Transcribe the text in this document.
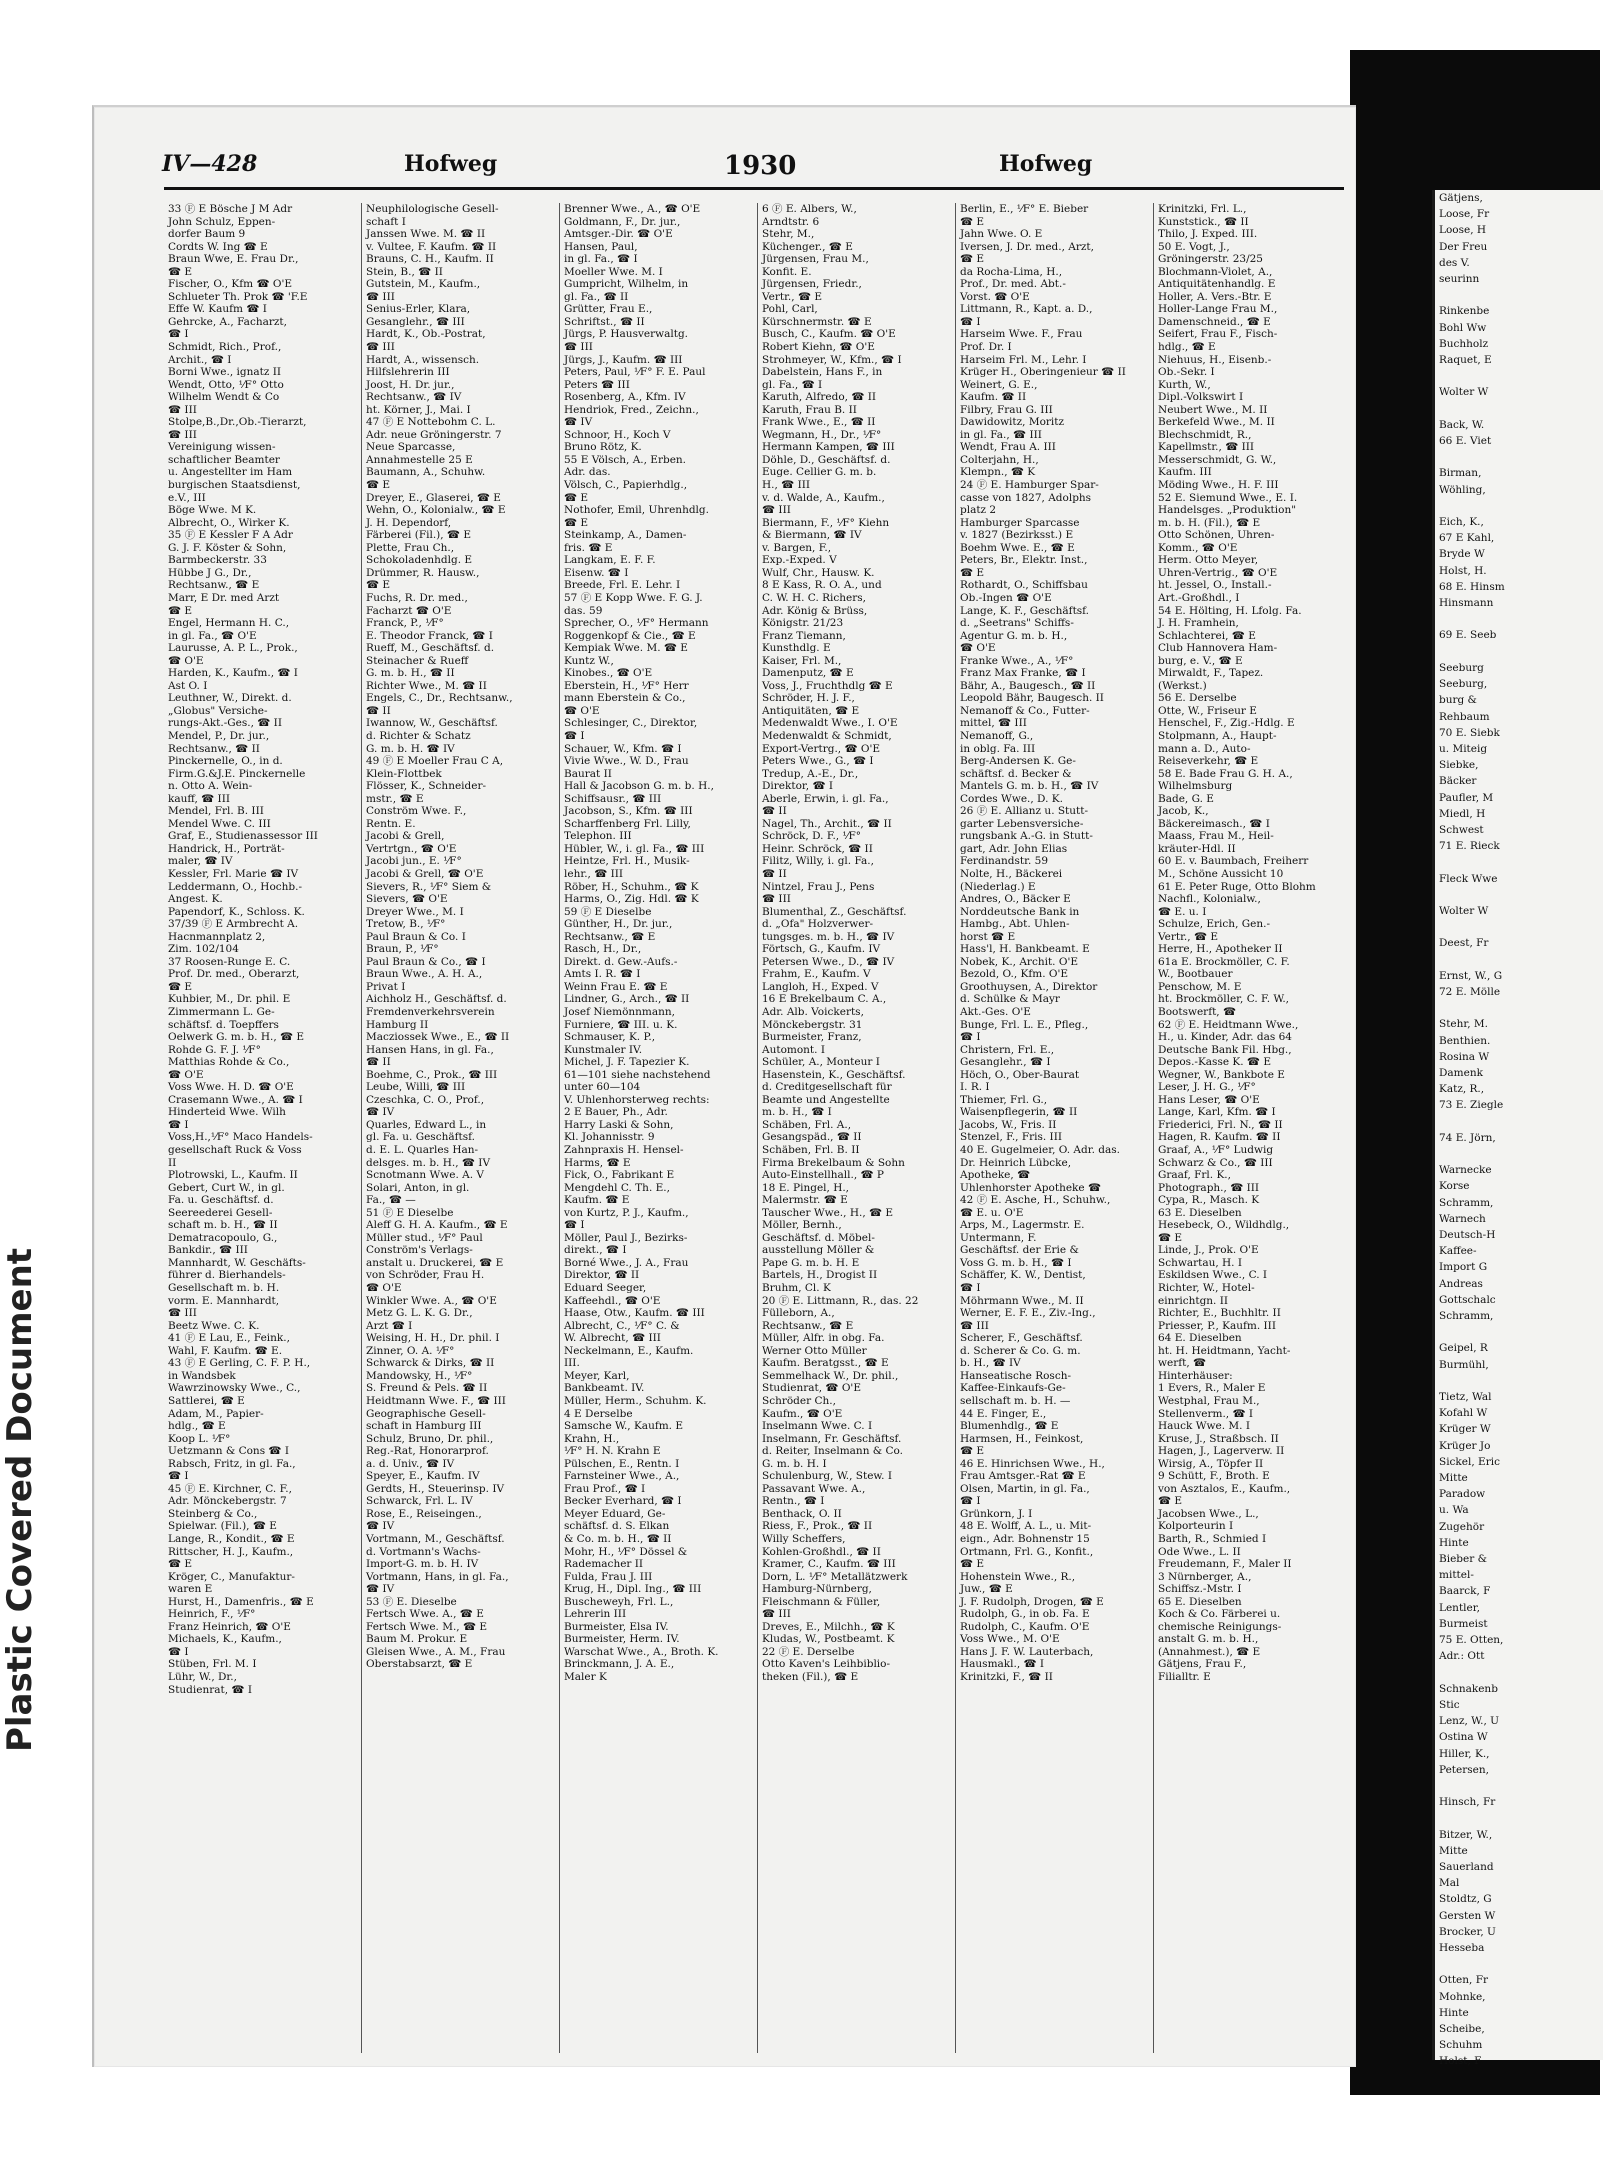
Plastic Covered Document
IV—428	Hofweg	1930	Hofweg
33 Ⓕ E Bösche J M Adr
John Schulz, Eppen-
dorfer Baum 9
Cordts W. Ing ☎ E
Braun Wwe, E. Frau Dr.,
☎ E
Fischer, O., Kfm ☎ O'E
Schlueter Th. Prok ☎ 'F.E
Effe W. Kaufm ☎ I
Gehrcke, A., Facharzt,
☎ I
Schmidt, Rich., Prof.,
Archit., ☎ I
Borni Wwe., ignatz II
Wendt, Otto, ⅟F° Otto
Wilhelm Wendt & Co
☎ III
Stolpe,B.,Dr.,Ob.-Tierarzt,
☎ III
Vereinigung wissen-
schaftlicher Beamter
u. Angestellter im Ham
burgischen Staatsdienst,
e.V., III
Böge Wwe. M K.
Albrecht, O., Wirker K.
35 Ⓕ E Kessler F A Adr
G. J. F. Köster & Sohn,
Barmbeckerstr. 33
Hübbe J G., Dr.,
Rechtsanw., ☎ E
Marr, E Dr. med Arzt
☎ E
Engel, Hermann H. C.,
in gl. Fa., ☎ O'E
Laurusse, A. P. L., Prok.,
☎ O'E
Harden, K., Kaufm., ☎ I
Ast O. I
Leuthner, W., Direkt. d.
„Globus" Versiche-
rungs-Akt.-Ges., ☎ II
Mendel, P., Dr. jur.,
Rechtsanw., ☎ II
Pinckernelle, O., in d.
Firm.G.&J.E. Pinckernelle
n. Otto A. Wein-
kauff, ☎ III
Mendel, Frl. B. III
Mendel Wwe. C. III
Graf, E., Studienassessor III
Handrick, H., Porträt-
maler, ☎ IV
Kessler, Frl. Marie ☎ IV
Leddermann, O., Hochb.-
Angest. K.
Papendorf, K., Schloss. K.
37/39 Ⓕ E Armbrecht A.
Hacnmannplatz 2,
Zim. 102/104
37 Roosen-Runge E. C.
Prof. Dr. med., Oberarzt,
☎ E
Kuhbier, M., Dr. phil. E
Zimmermann L. Ge-
schäftsf. d. Toepffers
Oelwerk G. m. b. H., ☎ E
Rohde G. F. J. ⅟F°
Matthias Rohde & Co.,
☎ O'E
Voss Wwe. H. D. ☎ O'E
Crasemann Wwe., A. ☎ I
Hinderteid Wwe. Wilh
☎ I
Voss,H.,⅟F° Maco Handels-
gesellschaft Ruck & Voss
II
Plotrowski, L., Kaufm. II
Gebert, Curt W., in gl.
Fa. u. Geschäftsf. d.
Seereederei Gesell-
schaft m. b. H., ☎ II
Dematracopoulo, G.,
Bankdir., ☎ III
Mannhardt, W. Geschäfts-
führer d. Bierhandels-
Gesellschaft m. b. H.
vorm. E. Mannhardt,
☎ III
Beetz Wwe. C. K.
41 Ⓕ E Lau, E., Feink.,
Wahl, F. Kaufm. ☎ E.
43 Ⓕ E Gerling, C. F. P. H.,
in Wandsbek
Wawrzinowsky Wwe., C.,
Sattlerei, ☎ E
Adam, M., Papier-
hdlg., ☎ E
Koop L. ⅟F°
Uetzmann & Cons ☎ I
Rabsch, Fritz, in gl. Fa.,
☎ I
45 Ⓕ E. Kirchner, C. F.,
Adr. Mönckebergstr. 7
Steinberg & Co.,
Spielwar. (Fil.), ☎ E
Lange, R., Kondit., ☎ E
Rittscher, H. J., Kaufm.,
☎ E
Kröger, C., Manufaktur-
waren E
Hurst, H., Damenfris., ☎ E
Heinrich, F., ⅟F°
Franz Heinrich, ☎ O'E
Michaels, K., Kaufm.,
☎ I
Stüben, Frl. M. I
Lühr, W., Dr.,
Studienrat, ☎ I
Neuphilologische Gesell-
schaft I
Janssen Wwe. M. ☎ II
v. Vultee, F. Kaufm. ☎ II
Brauns, C. H., Kaufm. II
Stein, B., ☎ II
Gutstein, M., Kaufm.,
☎ III
Senius-Erler, Klara,
Gesanglehr., ☎ III
Hardt, K., Ob.-Postrat,
☎ III
Hardt, A., wissensch.
Hilfslehrerin III
Joost, H. Dr. jur.,
Rechtsanw., ☎ IV
ht. Körner, J., Mai. I
47 Ⓕ E Nottebohm C. L.
Adr. neue Gröningerstr. 7
Neue Sparcasse,
Annahmestelle 25 E
Baumann, A., Schuhw.
☎ E
Dreyer, E., Glaserei, ☎ E
Wehn, O., Kolonialw., ☎ E
J. H. Dependorf,
Färberei (Fil.), ☎ E
Plette, Frau Ch.,
Schokoladenhdlg. E
Drümmer, R. Hausw.,
☎ E
Fuchs, R. Dr. med.,
Facharzt ☎ O'E
Franck, P., ⅟F°
E. Theodor Franck, ☎ I
Rueff, M., Geschäftsf. d.
Steinacher & Rueff
G. m. b. H., ☎ II
Richter Wwe., M. ☎ II
Engels, C., Dr., Rechtsanw.,
☎ II
Iwannow, W., Geschäftsf.
d. Richter & Schatz
G. m. b. H. ☎ IV
49 Ⓕ E Moeller Frau C A,
Klein-Flottbek
Flösser, K., Schneider-
mstr., ☎ E
Conström Wwe. F.,
Rentn. E.
Jacobi & Grell,
Vertrtgn., ☎ O'E
Jacobi jun., E. ⅟F°
Jacobi & Grell, ☎ O'E
Sievers, R., ⅟F° Siem &
Sievers, ☎ O'E
Dreyer Wwe., M. I
Tretow, B., ⅟F°
Paul Braun & Co. I
Braun, P., ⅟F°
Paul Braun & Co., ☎ I
Braun Wwe., A. H. A.,
Privat I
Aichholz H., Geschäftsf. d.
Fremdenverkehrsverein
Hamburg II
Macziossek Wwe., E., ☎ II
Hansen Hans, in gl. Fa.,
☎ II
Boehme, C., Prok., ☎ III
Leube, Willi, ☎ III
Czeschka, C. O., Prof.,
☎ IV
Quarles, Edward L., in
gl. Fa. u. Geschäftsf.
d. E. L. Quarles Han-
delsges. m. b. H., ☎ IV
Scnotmann Wwe. A. V
Solari, Anton, in gl.
Fa., ☎ —
51 Ⓕ E Dieselbe
Aleff G. H. A. Kaufm., ☎ E
Müller stud., ⅟F° Paul
Conström's Verlags-
anstalt u. Druckerei, ☎ E
von Schröder, Frau H.
☎ O'E
Winkler Wwe. A., ☎ O'E
Metz G. L. K. G. Dr.,
Arzt ☎ I
Weising, H. H., Dr. phil. I
Zinner, O. A. ⅟F°
Schwarck & Dirks, ☎ II
Mandowsky, H., ⅟F°
S. Freund & Pels. ☎ II
Heidtmann Wwe. F., ☎ III
Geographische Gesell-
schaft in Hamburg III
Schulz, Bruno, Dr. phil.,
Reg.-Rat, Honorarprof.
a. d. Univ., ☎ IV
Speyer, E., Kaufm. IV
Gerdts, H., Steuerinsp. IV
Schwarck, Frl. L. IV
Rose, E., Reiseingen.,
☎ IV
Vortmann, M., Geschäftsf.
d. Vortmann's Wachs-
Import-G. m. b. H. IV
Vortmann, Hans, in gl. Fa.,
☎ IV
53 Ⓕ E. Dieselbe
Fertsch Wwe. A., ☎ E
Fertsch Wwe. M., ☎ E
Baum M. Prokur. E
Gleisen Wwe., A. M., Frau
Oberstabsarzt, ☎ E
Brenner Wwe., A., ☎ O'E
Goldmann, F., Dr. jur.,
Amtsger.-Dir. ☎ O'E
Hansen, Paul,
in gl. Fa., ☎ I
Moeller Wwe. M. I
Gumpricht, Wilhelm, in
gl. Fa., ☎ II
Grütter, Frau E.,
Schriftst., ☎ II
Jürgs, P. Hausverwaltg.
☎ III
Jürgs, J., Kaufm. ☎ III
Peters, Paul, ⅟F° F. E. Paul
Peters ☎ III
Rosenberg, A., Kfm. IV
Hendriok, Fred., Zeichn.,
☎ IV
Schnoor, H., Koch V
Bruno Rötz, K.
55 E Völsch, A., Erben.
Adr. das.
Völsch, C., Papierhdlg.,
☎ E
Nothofer, Emil, Uhrenhdlg.
☎ E
Steinkamp, A., Damen-
fris. ☎ E
Langkam, E. F. F.
Eisenw. ☎ I
Breede, Frl. E. Lehr. I
57 Ⓕ E Kopp Wwe. F. G. J.
das. 59
Sprecher, O., ⅟F° Hermann
Roggenkopf & Cie., ☎ E
Kempiak Wwe. M. ☎ E
Kuntz W.,
Kinobes., ☎ O'E
Eberstein, H., ⅟F° Herr
mann Eberstein & Co.,
☎ O'E
Schlesinger, C., Direktor,
☎ I
Schauer, W., Kfm. ☎ I
Vivie Wwe., W. D., Frau
Baurat II
Hall & Jacobson G. m. b. H.,
Schiffsausr., ☎ III
Jacobson, S., Kfm. ☎ III
Scharffenberg Frl. Lilly,
Telephon. III
Hübler, W., i. gl. Fa., ☎ III
Heintze, Frl. H., Musik-
lehr., ☎ III
Röber, H., Schuhm., ☎ K
Harms, O., Zig. Hdl. ☎ K
59 Ⓕ E Dieselbe
Günther, H., Dr. jur.,
Rechtsanw., ☎ E
Rasch, H., Dr.,
Direkt. d. Gew.-Aufs.-
Amts I. R. ☎ I
Weinn Frau E. ☎ E
Lindner, G., Arch., ☎ II
Josef Niemönnmann,
Furniere, ☎ III. u. K.
Schmauser, K. P.,
Kunstmaler IV.
Michel, J. F. Tapezier K.
61—101 siehe nachstehend
unter 60—104
V. Uhlenhorsterweg rechts:
2 E Bauer, Ph., Adr.
Harry Laski & Sohn,
Kl. Johannisstr. 9
Zahnpraxis H. Hensel-
Harms, ☎ E
Fick, O., Fabrikant E
Mengdehl C. Th. E.,
Kaufm. ☎ E
von Kurtz, P. J., Kaufm.,
☎ I
Möller, Paul J., Bezirks-
direkt., ☎ I
Borné Wwe., J. A., Frau
Direktor, ☎ II
Eduard Seeger,
Kaffeehdl., ☎ O'E
Haase, Otw., Kaufm. ☎ III
Albrecht, C., ⅟F° C. &
W. Albrecht, ☎ III
Neckelmann, E., Kaufm.
III.
Meyer, Karl,
Bankbeamt. IV.
Müller, Herm., Schuhm. K.
4 E Derselbe
Samsche W., Kaufm. E
Krahn, H.,
⅟F° H. N. Krahn E
Pülschen, E., Rentn. I
Farnsteiner Wwe., A.,
Frau Prof., ☎ I
Becker Everhard, ☎ I
Meyer Eduard, Ge-
schäftsf. d. S. Elkan
& Co. m. b. H., ☎ II
Mohr, H., ⅟F° Dössel &
Rademacher II
Fulda, Frau J. III
Krug, H., Dipl. Ing., ☎ III
Buscheweyh, Frl. L.,
Lehrerin III
Burmeister, Elsa IV.
Burmeister, Herm. IV.
Warschat Wwe., A., Broth. K.
Brinckmann, J. A. E.,
Maler K
6 Ⓕ E. Albers, W.,
Arndtstr. 6
Stehr, M.,
Küchenger., ☎ E
Jürgensen, Frau M.,
Konfit. E.
Jürgensen, Friedr.,
Vertr., ☎ E
Pohl, Carl,
Kürschnermstr. ☎ E
Busch, C., Kaufm. ☎ O'E
Robert Kiehn, ☎ O'E
Strohmeyer, W., Kfm., ☎ I
Dabelstein, Hans F., in
gl. Fa., ☎ I
Karuth, Alfredo, ☎ II
Karuth, Frau B. II
Frank Wwe., E., ☎ II
Wegmann, H., Dr., ⅟F°
Hermann Kampen, ☎ III
Döhle, D., Geschäftsf. d.
Euge. Cellier G. m. b.
H., ☎ III
v. d. Walde, A., Kaufm.,
☎ III
Biermann, F., ⅟F° Kiehn
& Biermann, ☎ IV
v. Bargen, F.,
Exp.-Exped. V
Wulf, Chr., Hausw. K.
8 E Kass, R. O. A., und
C. W. H. C. Richers,
Adr. König & Brüss,
Königstr. 21/23
Franz Tiemann,
Kunsthdlg. E
Kaiser, Frl. M.,
Damenputz, ☎ E
Voss, J., Fruchthdlg ☎ E
Schröder, H. J. F.,
Antiquitäten, ☎ E
Medenwaldt Wwe., I. O'E
Medenwaldt & Schmidt,
Export-Vertrg., ☎ O'E
Peters Wwe., G., ☎ I
Tredup, A.-E., Dr.,
Direktor, ☎ I
Aberle, Erwin, i. gl. Fa.,
☎ II
Nagel, Th., Archit., ☎ II
Schröck, D. F., ⅟F°
Heinr. Schröck, ☎ II
Filitz, Willy, i. gl. Fa.,
☎ II
Nintzel, Frau J., Pens
☎ III
Blumenthal, Z., Geschäftsf.
d. „Ofa" Holzverwer-
tungsges. m. b. H., ☎ IV
Förtsch, G., Kaufm. IV
Petersen Wwe., D., ☎ IV
Frahm, E., Kaufm. V
Langloh, H., Exped. V
16 E Brekelbaum C. A.,
Adr. Alb. Voickerts,
Mönckebergstr. 31
Burmeister, Franz,
Automont. I
Schüler, A., Monteur I
Hasenstein, K., Geschäftsf.
d. Creditgesellschaft für
Beamte und Angestellte
m. b. H., ☎ I
Schäben, Frl. A.,
Gesangspäd., ☎ II
Schäben, Frl. B. II
Firma Brekelbaum & Sohn
Auto-Einstellhall., ☎ P
18 E. Pingel, H.,
Malermstr. ☎ E
Tauscher Wwe., H., ☎ E
Möller, Bernh.,
Geschäftsf. d. Möbel-
ausstellung Möller &
Pape G. m. b. H. E
Bartels, H., Drogist II
Bruhm, Cl. K
20 Ⓕ E. Littmann, R., das. 22
Fülleborn, A.,
Rechtsanw., ☎ E
Müller, Alfr. in obg. Fa.
Werner Otto Müller
Kaufm. Beratgsst., ☎ E
Semmelhack W., Dr. phil.,
Studienrat, ☎ O'E
Schröder Ch.,
Kaufm., ☎ O'E
Inselmann Wwe. C. I
Inselmann, Fr. Geschäftsf.
d. Reiter, Inselmann & Co.
G. m. b. H. I
Schulenburg, W., Stew. I
Passavant Wwe. A.,
Rentn., ☎ I
Benthack, O. II
Riess, F., Prok., ☎ II
Willy Scheffers,
Kohlen-Großhdl., ☎ II
Kramer, C., Kaufm. ☎ III
Dorn, L. ⅟F° Metallätzwerk
Hamburg-Nürnberg,
Fleischmann & Füller,
☎ III
Dreves, E., Milchh., ☎ K
Kludas, W., Postbeamt. K
22 Ⓕ E. Derselbe
Otto Kaven's Leihbiblio-
theken (Fil.), ☎ E
Berlin, E., ⅟F° E. Bieber
☎ E
Jahn Wwe. O. E
Iversen, J. Dr. med., Arzt,
☎ E
da Rocha-Lima, H.,
Prof., Dr. med. Abt.-
Vorst. ☎ O'E
Littmann, R., Kapt. a. D.,
☎ I
Harseim Wwe. F., Frau
Prof. Dr. I
Harseim Frl. M., Lehr. I
Krüger H., Oberingenieur ☎ II
Weinert, G. E.,
Kaufm. ☎ II
Filbry, Frau G. III
Dawidowitz, Moritz
in gl. Fa., ☎ III
Wendt, Frau A. III
Colterjahn, H.,
Klempn., ☎ K
24 Ⓕ E. Hamburger Spar-
casse von 1827, Adolphs
platz 2
Hamburger Sparcasse
v. 1827 (Bezirksst.) E
Boehm Wwe. E., ☎ E
Peters, Br., Elektr. Inst.,
☎ E
Rothardt, O., Schiffsbau
Ob.-Ingen ☎ O'E
Lange, K. F., Geschäftsf.
d. „Seetrans" Schiffs-
Agentur G. m. b. H.,
☎ O'E
Franke Wwe., A., ⅟F°
Franz Max Franke, ☎ I
Bähr, A., Baugesch., ☎ II
Leopold Bähr, Baugesch. II
Nemanoff & Co., Futter-
mittel, ☎ III
Nemanoff, G.,
in oblg. Fa. III
Berg-Andersen K. Ge-
schäftsf. d. Becker &
Mantels G. m. b. H., ☎ IV
Cordes Wwe., D. K.
26 Ⓕ E. Allianz u. Stutt-
garter Lebensversiche-
rungsbank A.-G. in Stutt-
gart, Adr. John Elias
Ferdinandstr. 59
Nolte, H., Bäckerei
(Niederlag.) E
Andres, O., Bäcker E
Norddeutsche Bank in
Hambg., Abt. Uhlen-
horst ☎ E
Hass'l, H. Bankbeamt. E
Nobek, K., Archit. O'E
Bezold, O., Kfm. O'E
Groothuysen, A., Direktor
d. Schülke & Mayr
Akt.-Ges. O'E
Bunge, Frl. L. E., Pfleg.,
☎ I
Christern, Frl. E.,
Gesanglehr., ☎ I
Höch, O., Ober-Baurat
I. R. I
Thiemer, Frl. G.,
Waisenpflegerin, ☎ II
Jacobs, W., Fris. II
Stenzel, F., Fris. III
40 E. Gugelmeier, O. Adr. das.
Dr. Heinrich Lübcke,
Apotheke, ☎
Uhlenhorster Apotheke ☎
42 Ⓕ E. Asche, H., Schuhw.,
☎ E. u. O'E
Arps, M., Lagermstr. E.
Untermann, F.
Geschäftsf. der Erie &
Voss G. m. b. H., ☎ I
Schäffer, K. W., Dentist,
☎ I
Möhrmann Wwe., M. II
Werner, E. F. E., Ziv.-Ing.,
☎ III
Scherer, F., Geschäftsf.
d. Scherer & Co. G. m.
b. H., ☎ IV
Hanseatische Rosch-
Kaffee-Einkaufs-Ge-
sellschaft m. b. H. —
44 E. Finger, E.,
Blumenhdlg., ☎ E
Harmsen, H., Feinkost,
☎ E
46 E. Hinrichsen Wwe., H.,
Frau Amtsger.-Rat ☎ E
Olsen, Martin, in gl. Fa.,
☎ I
Grünkorn, J. I
48 E. Wolff, A. L., u. Mit-
eign., Adr. Bohnenstr 15
Ortmann, Frl. G., Konfit.,
☎ E
Hohenstein Wwe., R.,
Juw., ☎ E
J. F. Rudolph, Drogen, ☎ E
Rudolph, G., in ob. Fa. E
Rudolph, C., Kaufm. O'E
Voss Wwe., M. O'E
Hans J. F. W. Lauterbach,
Hausmakl., ☎ I
Krinitzki, F., ☎ II
Krinitzki, Frl. L.,
Kunststick., ☎ II
Thilo, J. Exped. III.
50 E. Vogt, J.,
Gröningerstr. 23/25
Blochmann-Violet, A.,
Antiquitätenhandlg. E
Holler, A. Vers.-Btr. E
Holler-Lange Frau M.,
Damenschneid., ☎ E
Seifert, Frau F., Fisch-
hdlg., ☎ E
Niehuus, H., Eisenb.-
Ob.-Sekr. I
Kurth, W.,
Dipl.-Volkswirt I
Neubert Wwe., M. II
Berkefeld Wwe., M. II
Blechschmidt, R.,
Kapellmstr., ☎ III
Messerschmidt, G. W.,
Kaufm. III
Möding Wwe., H. F. III
52 E. Siemund Wwe., E. I.
Handelsges. „Produktion"
m. b. H. (Fil.), ☎ E
Otto Schönen, Uhren-
Komm., ☎ O'E
Herm. Otto Meyer,
Uhren-Vertrig., ☎ O'E
ht. Jessel, O., Install.-
Art.-Großhdl., I
54 E. Hölting, H. Lfolg. Fa.
J. H. Framhein,
Schlachterei, ☎ E
Club Hannovera Ham-
burg, e. V., ☎ E
Mirwaldt, F., Tapez.
(Werkst.)
56 E. Derselbe
Otte, W., Friseur E
Henschel, F., Zig.-Hdlg. E
Stolpmann, A., Haupt-
mann a. D., Auto-
Reiseverkehr, ☎ E
58 E. Bade Frau G. H. A.,
Wilhelmsburg
Bade, G. E
Jacob, K.,
Bäckereimasch., ☎ I
Maass, Frau M., Heil-
kräuter-Hdl. II
60 E. v. Baumbach, Freiherr
M., Schöne Aussicht 10
61 E. Peter Ruge, Otto Blohm
Nachfl., Kolonialw.,
☎ E. u. I
Schulze, Erich, Gen.-
Vertr., ☎ E
Herre, H., Apotheker II
61a E. Brockmöller, C. F.
W., Bootbauer
Penschow, M. E
ht. Brockmöller, C. F. W.,
Bootswerft, ☎
62 Ⓕ E. Heidtmann Wwe.,
H., u. Kinder, Adr. das 64
Deutsche Bank Fil. Hbg.,
Depos.-Kasse K. ☎ E
Wegner, W., Bankbote E
Leser, J. H. G., ⅟F°
Hans Leser, ☎ O'E
Lange, Karl, Kfm. ☎ I
Friederici, Frl. N., ☎ II
Hagen, R. Kaufm. ☎ II
Graaf, A., ⅟F° Ludwig
Schwarz & Co., ☎ III
Graaf, Frl. K.,
Photograph., ☎ III
Cypa, R., Masch. K
63 E. Dieselben
Hesebeck, O., Wildhdlg.,
☎ E
Linde, J., Prok. O'E
Schwartau, H. I
Eskildsen Wwe., C. I
Richter, W., Hotel-
einrichtgn. II
Richter, E., Buchhltr. II
Priesser, P., Kaufm. III
64 E. Dieselben
ht. H. Heidtmann, Yacht-
werft, ☎
Hinterhäuser:
1 Evers, R., Maler E
Westphal, Frau M.,
Stellenverm., ☎ I
Hauck Wwe. M. I
Kruse, J., Straßbsch. II
Hagen, J., Lagerverw. II
Wirsig, A., Töpfer II
9 Schütt, F., Broth. E
von Asztalos, E., Kaufm.,
☎ E
Jacobsen Wwe., L.,
Kolporteurin I
Barth, R., Schmied I
Ode Wwe., L. II
Freudemann, F., Maler II
3 Nürnberger, A.,
Schiffsz.-Mstr. I
65 E. Dieselben
Koch & Co. Färberei u.
chemische Reinigungs-
anstalt G. m. b. H.,
(Annahmest.), ☎ E
Gätjens, Frau F.,
Filialltr. E
Gätjens,
Loose, Fr
Loose, H
Der Freu
des V.
seurinn

Rinkenbe
Bohl Ww
Buchholz
Raquet, E

Wolter W

Back, W.
66 E. Viet

Birman,
Wöhling,

Eich, K.,
67 E Kahl,
Bryde W
Holst, H.
68 E. Hinsm
Hinsmann

69 E. Seeb

Seeburg
Seeburg,
burg &
Rehbaum
70 E. Siebk
u. Miteig
Siebke,
Bäcker
Paufler, M
Miedl, H
Schwest
71 E. Rieck

Fleck Wwe

Wolter W

Deest, Fr

Ernst, W., G
72 E. Mölle

Stehr, M.
Benthien.
Rosina W
Damenk
Katz, R.,
73 E. Ziegle

74 E. Jörn,

Warnecke
Korse
Schramm,
Warnech
Deutsch-H
Kaffee-
Import G
Andreas
Gottschalc
Schramm,

Geipel, R
Burmühl,

Tietz, Wal
Kofahl W
Krüger W
Krüger Jo
Sickel, Eric
Mitte
Paradow
u. Wa
Zugehör
Hinte
Bieber &
mittel-
Baarck, F
Lentler,
Burmeist
75 E. Otten,
Adr.: Ott

Schnakenb
Stic
Lenz, W., U
Ostina W
Hiller, K.,
Petersen,

Hinsch, Fr

Bitzer, W.,
Mitte
Sauerland
Mal
Stoldtz, G
Gersten W
Brocker, U
Hesseba

Otten, Fr
Mohnke,
Hinte
Scheibe,
Schuhm
Holst, F
